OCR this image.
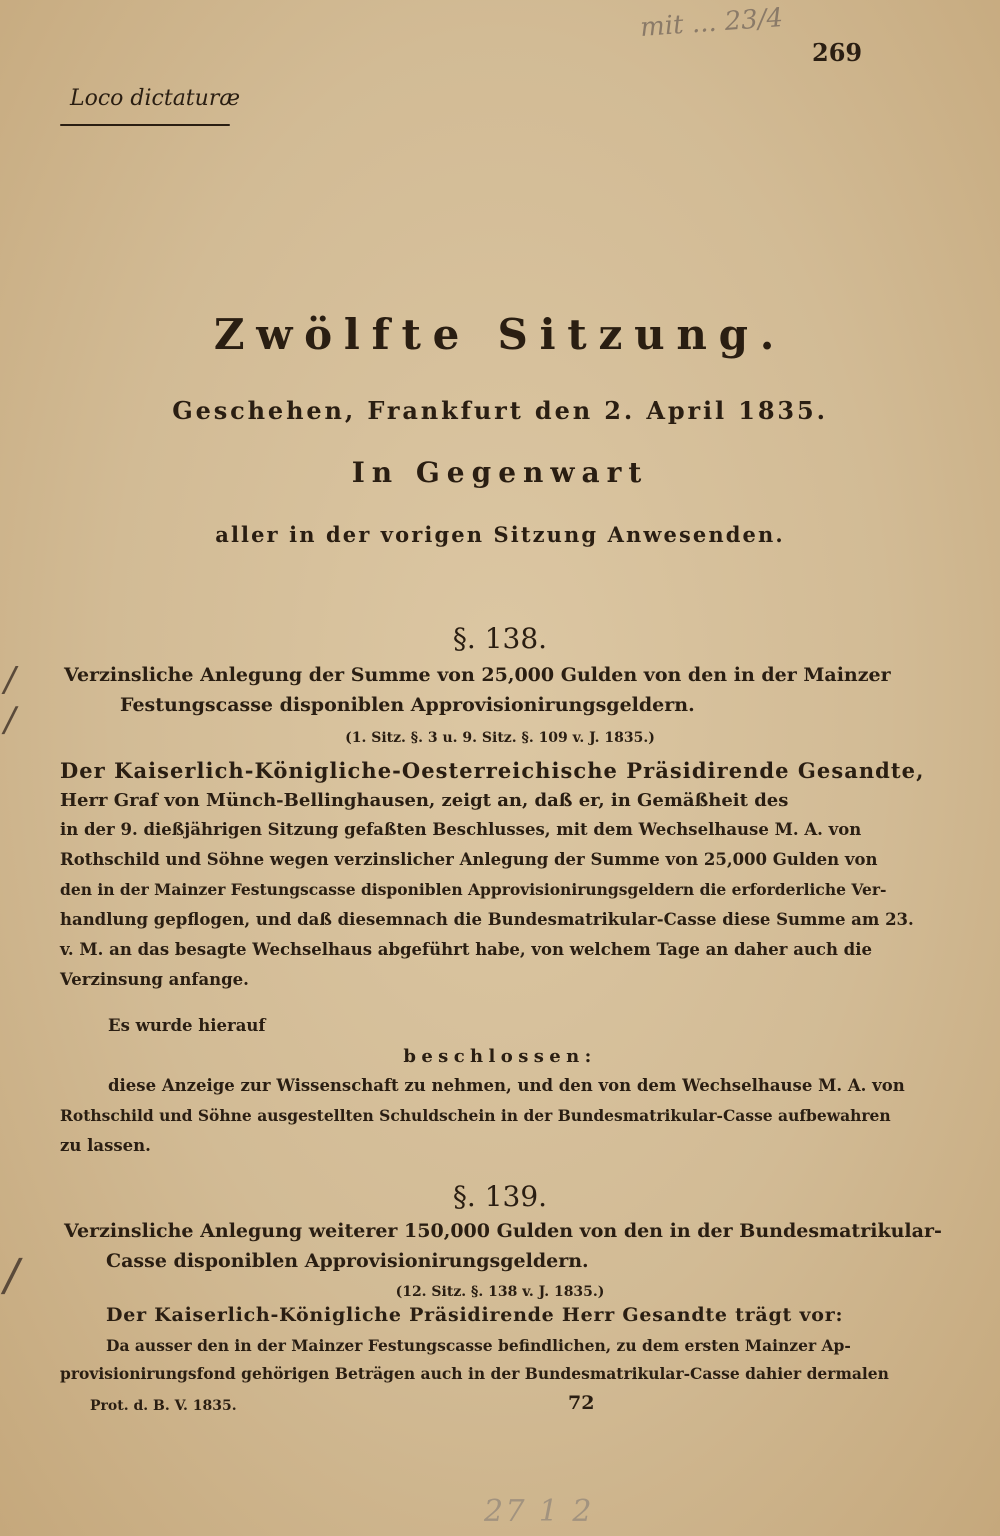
mit ... 23/4
269
Loco dictaturæ
Zwölfte Sitzung.
Geschehen, Frankfurt den 2. April 1835.
In Gegenwart
aller in der vorigen Sitzung Anwesenden.
§. 138.
/
∕
Verzinsliche Anlegung der Summe von 25,000 Gulden von den in der Mainzer
Festungscasse disponiblen Approvisionirungsgeldern.
(1. Sitz. §. 3 u. 9. Sitz. §. 109 v. J. 1835.)
Der Kaiserlich-Königliche-Oesterreichische Präsidirende Gesandte,
Herr Graf von Münch-Bellinghausen, zeigt an, daß er, in Gemäßheit des
in der 9. dießjährigen Sitzung gefaßten Beschlusses, mit dem Wechselhause M. A. von
Rothschild und Söhne wegen verzinslicher Anlegung der Summe von 25,000 Gulden von
den in der Mainzer Festungscasse disponiblen Approvisionirungsgeldern die erforderliche Ver-
handlung gepflogen, und daß diesemnach die Bundesmatrikular-Casse diese Summe am 23.
v. M. an das besagte Wechselhaus abgeführt habe, von welchem Tage an daher auch die
Verzinsung anfange.
Es wurde hierauf
beschlossen:
diese Anzeige zur Wissenschaft zu nehmen, und den von dem Wechselhause M. A. von
Rothschild und Söhne ausgestellten Schuldschein in der Bundesmatrikular-Casse aufbewahren
zu lassen.
§. 139.
∕
Verzinsliche Anlegung weiterer 150,000 Gulden von den in der Bundesmatrikular-
Casse disponiblen Approvisionirungsgeldern.
(12. Sitz. §. 138 v. J. 1835.)
Der Kaiserlich-Königliche Präsidirende Herr Gesandte trägt vor:
Da ausser den in der Mainzer Festungscasse befindlichen, zu dem ersten Mainzer Ap-
provisionirungsfond gehörigen Beträgen auch in der Bundesmatrikular-Casse dahier dermalen
Prot. d. B. V. 1835.	72
27 1 2
